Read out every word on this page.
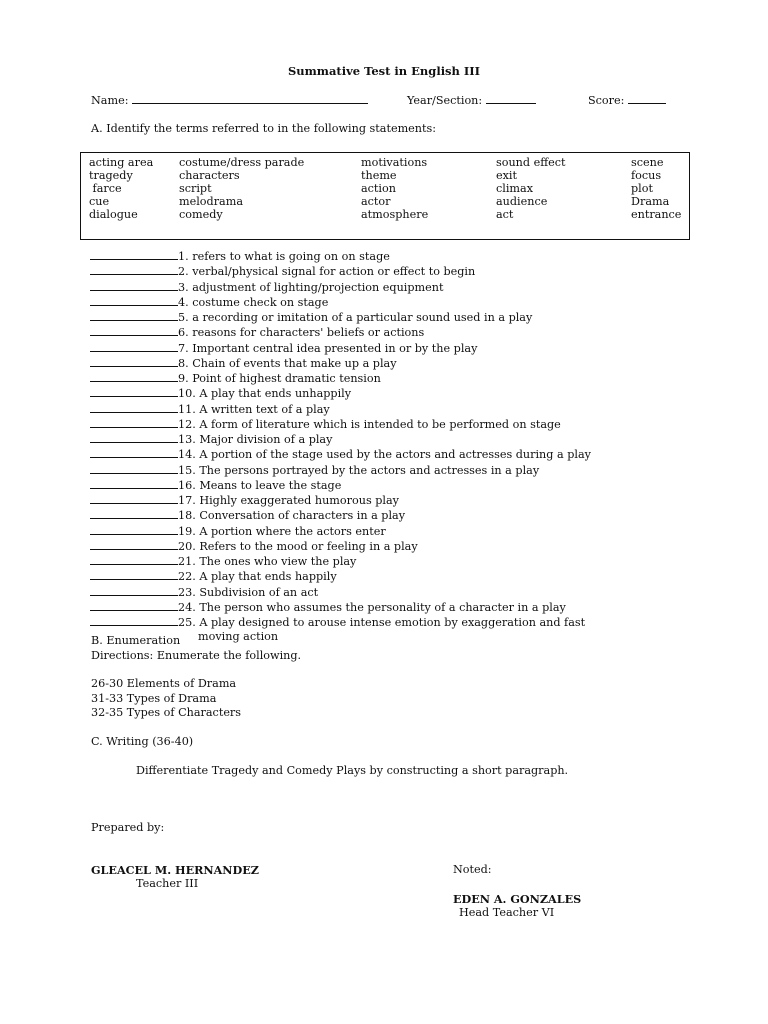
Summative Test in English III
Name:	Year/Section:	Score:
A. Identify the terms referred to in the following statements:
acting area
tragedy
farce
cue
dialogue
costume/dress parade
characters
script
melodrama
comedy
motivations
theme
action
actor
atmosphere
sound effect
exit
climax
audience
act
scene
focus
plot
Drama
entrance
1. refers to what is going on on stage
2. verbal/physical signal for action or effect to begin
3. adjustment of lighting/projection equipment
4. costume check on stage
5. a recording or imitation of a particular sound used in a play
6. reasons for characters' beliefs or actions
7. Important central idea presented in or by the play
8. Chain of events that make up a play
9. Point of highest dramatic tension
10. A play that ends unhappily
11. A written text of a play
12. A form of literature which is intended to be performed on stage
13. Major division of a play
14. A portion of the stage used by the actors and actresses during a play
15. The persons portrayed by the actors and actresses in a play
16. Means to leave the stage
17. Highly exaggerated humorous play
18. Conversation of characters in a play
19. A portion where the actors enter
20. Refers to the mood or feeling in a play
21. The ones who view the play
22. A play that ends happily
23. Subdivision of an act
24. The person who assumes the personality of a character in a play
25. A play designed to arouse intense emotion by exaggeration and fast
moving action
B. Enumeration
Directions: Enumerate the following.
26-30 Elements of Drama
31-33 Types of Drama
32-35 Types of Characters
C. Writing (36-40)
Differentiate Tragedy and Comedy Plays by constructing a short paragraph.
Prepared by:
GLEACEL M. HERNANDEZ
Teacher III
Noted:
EDEN A. GONZALES
Head Teacher VI
